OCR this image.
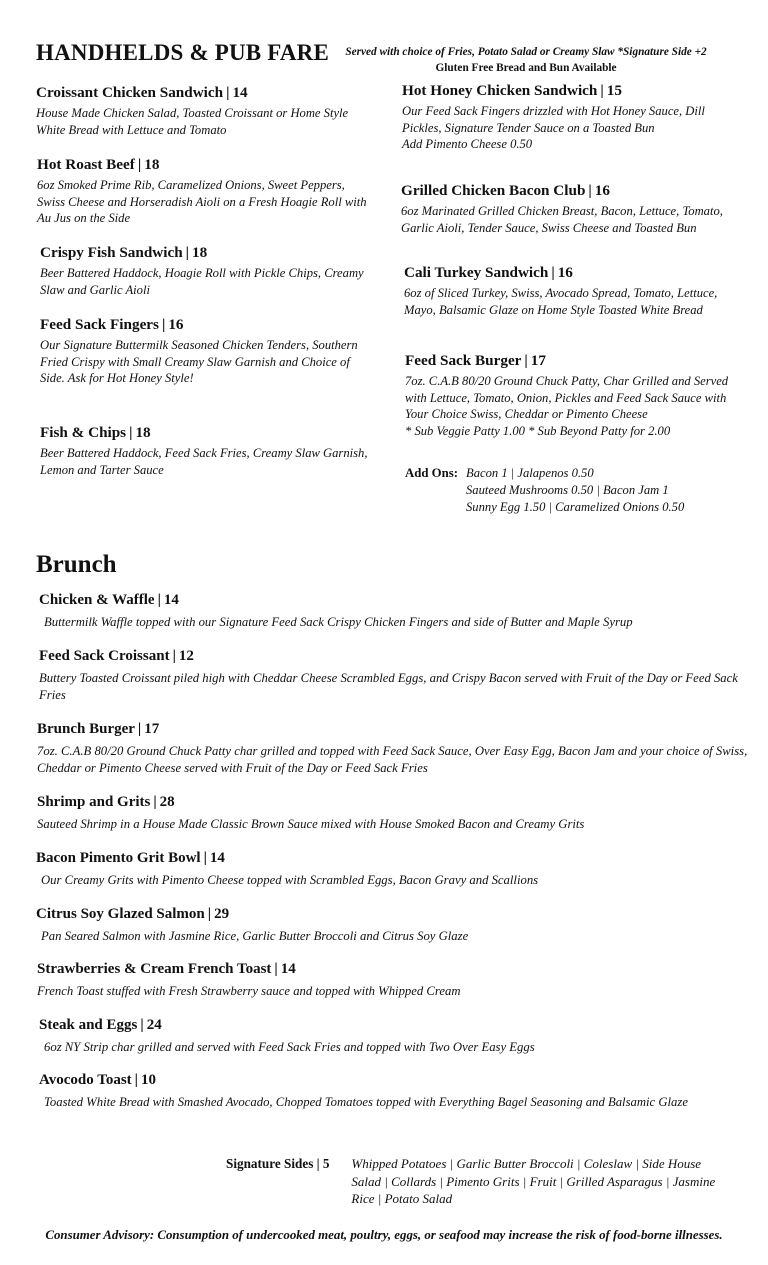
HANDHELDS & PUB FARE	Served with choice of Fries, Potato Salad or Creamy Slaw *Signature Side +2
Gluten Free Bread and Bun Available
Croissant Chicken Sandwich | 14
House Made Chicken Salad, Toasted Croissant or Home Style White Bread with Lettuce and Tomato
Hot Roast Beef | 18
6oz Smoked Prime Rib, Caramelized Onions, Sweet Peppers, Swiss Cheese and Horseradish Aioli on a Fresh Hoagie Roll with Au Jus on the Side
Crispy Fish Sandwich | 18
Beer Battered Haddock, Hoagie Roll with Pickle Chips, Creamy Slaw and Garlic Aioli
Feed Sack Fingers | 16
Our Signature Buttermilk Seasoned Chicken Tenders, Southern Fried Crispy with Small Creamy Slaw Garnish and Choice of Side. Ask for Hot Honey Style!
Fish & Chips | 18
Beer Battered Haddock, Feed Sack Fries, Creamy Slaw Garnish, Lemon and Tarter Sauce
Hot Honey Chicken Sandwich | 15
Our Feed Sack Fingers drizzled with Hot Honey Sauce, Dill Pickles, Signature Tender Sauce on a Toasted Bun
Add Pimento Cheese 0.50
Grilled Chicken Bacon Club | 16
6oz Marinated Grilled Chicken Breast, Bacon, Lettuce, Tomato, Garlic Aioli, Tender Sauce, Swiss Cheese and Toasted Bun
Cali Turkey Sandwich | 16
6oz of Sliced Turkey, Swiss, Avocado Spread, Tomato, Lettuce, Mayo, Balsamic Glaze on Home Style Toasted White Bread
Feed Sack Burger | 17
7oz. C.A.B 80/20 Ground Chuck Patty, Char Grilled and Served with Lettuce, Tomato, Onion, Pickles and Feed Sack Sauce with Your Choice Swiss, Cheddar or Pimento Cheese
* Sub Veggie Patty 1.00 * Sub Beyond Patty for 2.00
Add Ons: Bacon 1 | Jalapenos 0.50
Sauteed Mushrooms 0.50 | Bacon Jam 1
Sunny Egg 1.50 | Caramelized Onions 0.50
Brunch
Chicken & Waffle | 14
Buttermilk Waffle topped with our Signature Feed Sack Crispy Chicken Fingers and side of Butter and Maple Syrup
Feed Sack Croissant | 12
Buttery Toasted Croissant piled high with Cheddar Cheese Scrambled Eggs, and Crispy Bacon served with Fruit of the Day or Feed Sack Fries
Brunch Burger | 17
7oz. C.A.B 80/20 Ground Chuck Patty char grilled and topped with Feed Sack Sauce, Over Easy Egg, Bacon Jam and your choice of Swiss, Cheddar or Pimento Cheese served with Fruit of the Day or Feed Sack Fries
Shrimp and Grits | 28
Sauteed Shrimp in a House Made Classic Brown Sauce mixed with House Smoked Bacon and Creamy Grits
Bacon Pimento Grit Bowl | 14
Our Creamy Grits with Pimento Cheese topped with Scrambled Eggs, Bacon Gravy and Scallions
Citrus Soy Glazed Salmon | 29
Pan Seared Salmon with Jasmine Rice, Garlic Butter Broccoli and Citrus Soy Glaze
Strawberries & Cream French Toast | 14
French Toast stuffed with Fresh Strawberry sauce and topped with Whipped Cream
Steak and Eggs | 24
6oz NY Strip char grilled and served with Feed Sack Fries and topped with Two Over Easy Eggs
Avocodo Toast | 10
Toasted White Bread with Smashed Avocado, Chopped Tomatoes topped with Everything Bagel Seasoning and Balsamic Glaze
Signature Sides | 5	Whipped Potatoes | Garlic Butter Broccoli | Coleslaw | Side House Salad | Collards | Pimento Grits | Fruit | Grilled Asparagus | Jasmine Rice | Potato Salad
Consumer Advisory: Consumption of undercooked meat, poultry, eggs, or seafood may increase the risk of food-borne illnesses.
